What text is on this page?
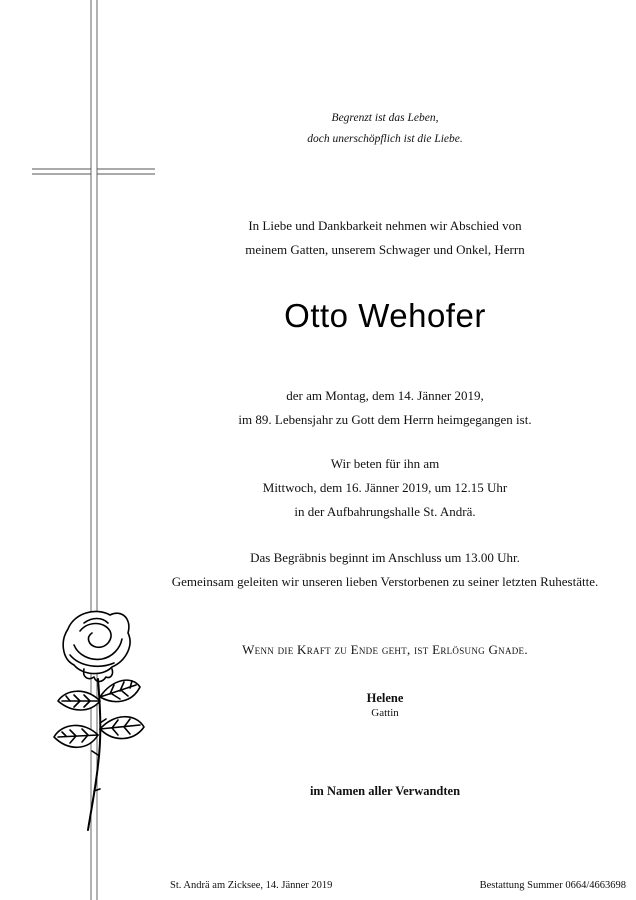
Begrenzt ist das Leben,
doch unerschöpflich ist die Liebe.
In Liebe und Dankbarkeit nehmen wir Abschied von
meinem Gatten, unserem Schwager und Onkel, Herrn
Otto Wehofer
der am Montag, dem 14. Jänner 2019,
im 89. Lebensjahr zu Gott dem Herrn heimgegangen ist.
Wir beten für ihn am
Mittwoch, dem 16. Jänner 2019, um 12.15 Uhr
in der Aufbahrungshalle St. Andrä.
Das Begräbnis beginnt im Anschluss um 13.00 Uhr.
Gemeinsam geleiten wir unseren lieben Verstorbenen zu seiner letzten Ruhestätte.
Wenn die Kraft zu Ende geht, ist Erlösung Gnade.
Helene
Gattin
im Namen aller Verwandten
St. Andrä am Zicksee, 14. Jänner 2019	Bestattung Summer 0664/4663698
